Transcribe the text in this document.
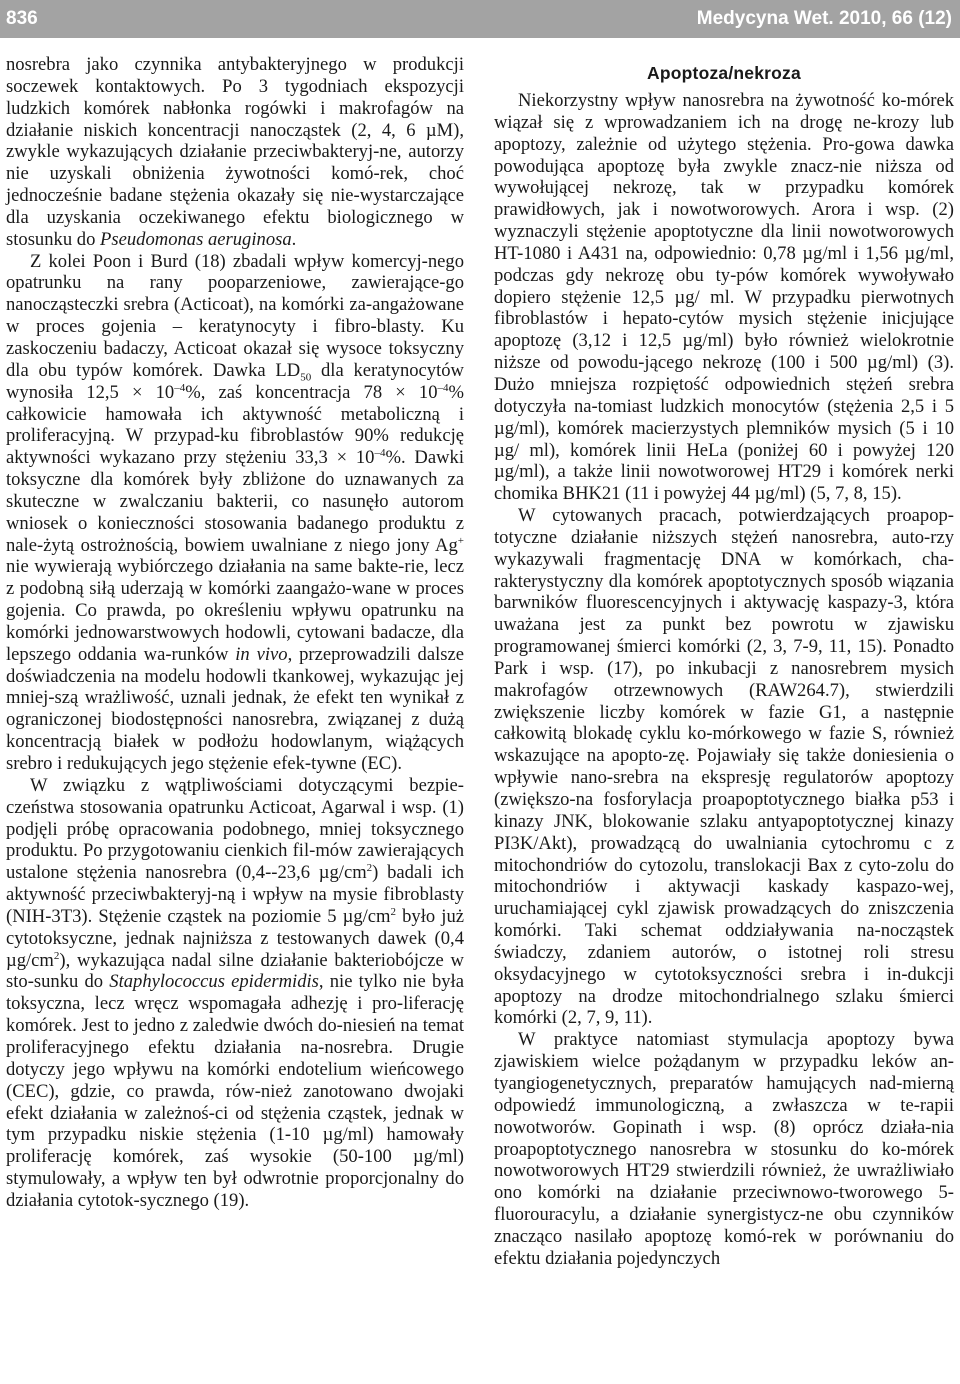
836	Medycyna Wet. 2010, 66 (12)

nosrebra jako czynnika antybakteryjnego w produkcji soczewek kontaktowych. Po 3 tygodniach ekspozycji ludzkich komórek nabłonka rogówki i makrofagów na działanie niskich koncentracji nanocząstek (2, 4, 6 µM), zwykle wykazujących działanie przeciwbakteryj-ne, autorzy nie uzyskali obniżenia żywotności komó-rek, choć jednocześnie badane stężenia okazały się nie-wystarczające dla uzyskania oczekiwanego efektu biologicznego w stosunku do Pseudomonas aeruginosa.

Z kolei Poon i Burd (18) zbadali wpływ komercyj-nego opatrunku na rany pooparzeniowe, zawierające-go nanocząsteczki srebra (Acticoat), na komórki za-angażowane w proces gojenia – keratynocyty i fibro-blasty. Ku zaskoczeniu badaczy, Acticoat okazał się wysoce toksyczny dla obu typów komórek. Dawka $LD_{50}$ dla keratynocytów wynosiła $12,5 \times 10^{-4}\%$, zaś koncentracja $78 \times 10^{-4}\%$ całkowicie hamowała ich aktywność metaboliczną i proliferacyjną. W przypad-ku fibroblastów 90% redukcję aktywności wykazano przy stężeniu $33,3 \times 10^{-4}\%$. Dawki toksyczne dla komórek były zbliżone do uznawanych za skuteczne w zwalczaniu bakterii, co nasunęło autorom wniosek o konieczności stosowania badanego produktu z nale-żytą ostrożnością, bowiem uwalniane z niego jony Ag+ nie wywierają wybiórczego działania na same bakte-rie, lecz z podobną siłą uderzają w komórki zaangażo-wane w proces gojenia. Co prawda, po określeniu wpływu opatrunku na komórki jednowarstwowych hodowli, cytowani badacze, dla lepszego oddania wa-runków in vivo, przeprowadzili dalsze doświadczenia na modelu hodowli tkankowej, wykazując jej mniej-szą wrażliwość, uznali jednak, że efekt ten wynikał z ograniczonej biodostępności nanosrebra, związanej z dużą koncentracją białek w podłożu hodowlanym, wiążących srebro i redukujących jego stężenie efek-tywne (EC).

W związku z wątpliwościami dotyczącymi bezpie-czeństwa stosowania opatrunku Acticoat, Agarwal i wsp. (1) podjęli próbę opracowania podobnego, mniej toksycznego produktu. Po przygotowaniu cienkich fil-mów zawierających ustalone stężenia nanosrebra (0,4--23,6 $\mu g/cm^2$) badali ich aktywność przeciwbakteryj-ną i wpływ na mysie fibroblasty (NIH-3T3). Stężenie cząstek na poziomie 5 $\mu g/cm^2$ było już cytotoksyczne, jednak najniższa z testowanych dawek (0,4 $\mu g/cm^2$), wykazująca nadal silne działanie bakteriobójcze w sto-sunku do Staphylococcus epidermidis, nie tylko nie była toksyczna, lecz wręcz wspomagała adhezję i pro-liferację komórek. Jest to jedno z zaledwie dwóch do-niesień na temat proliferacyjnego efektu działania na-nosrebra. Drugie dotyczy jego wpływu na komórki endotelium wieńcowego (CEC), gdzie, co prawda, rów-nież zanotowano dwojaki efekt działania w zależnoś-ci od stężenia cząstek, jednak w tym przypadku niskie stężenia (1-10 µg/ml) hamowały proliferację komórek, zaś wysokie (50-100 µg/ml) stymulowały, a wpływ ten był odwrotnie proporcjonalny do działania cytotok-sycznego (19).

Apoptoza/nekroza

Niekorzystny wpływ nanosrebra na żywotność ko-mórek wiązał się z wprowadzaniem ich na drogę ne-krozy lub apoptozy, zależnie od użytego stężenia. Pro-gowa dawka powodująca apoptozę była zwykle znacz-nie niższa od wywołującej nekrozę, tak w przypadku komórek prawidłowych, jak i nowotworowych. Arora i wsp. (2) wyznaczyli stężenie apoptotyczne dla linii nowotworowych HT-1080 i A431 na, odpowiednio: 0,78 µg/ml i 1,56 µg/ml, podczas gdy nekrozę obu ty-pów komórek wywoływało dopiero stężenie 12,5 µg/ ml. W przypadku pierwotnych fibroblastów i hepato-cytów mysich stężenie inicjujące apoptozę (3,12 i 12,5 µg/ml) było również wielokrotnie niższe od powodu-jącego nekrozę (100 i 500 µg/ml) (3). Dużo mniejsza rozpiętość odpowiednich stężeń srebra dotyczyła na-tomiast ludzkich monocytów (stężenia 2,5 i 5 µg/ml), komórek macierzystych plemników mysich (5 i 10 µg/ ml), komórek linii HeLa (poniżej 60 i powyżej 120 µg/ml), a także linii nowotworowej HT29 i komórek nerki chomika BHK21 (11 i powyżej 44 µg/ml) (5, 7, 8, 15).

W cytowanych pracach, potwierdzających proapop-totyczne działanie niższych stężeń nanosrebra, auto-rzy wykazywali fragmentację DNA w komórkach, cha-rakterystyczny dla komórek apoptotycznych sposób wiązania barwników fluorescencyjnych i aktywację kaspazy-3, która uważana jest za punkt bez powrotu w zjawisku programowanej śmierci komórki (2, 3, 7-9, 11, 15). Ponadto Park i wsp. (17), po inkubacji z nanosrebrem mysich makrofagów otrzewnowych (RAW264.7), stwierdzili zwiększenie liczby komórek w fazie G1, a następnie całkowitą blokadę cyklu ko-mórkowego w fazie S, również wskazujące na apopto-zę. Pojawiały się także doniesienia o wpływie nano-srebra na ekspresję regulatorów apoptozy (zwiększo-na fosforylacja proapoptotycznego białka p53 i kinazy JNK, blokowanie szlaku antyapoptotycznej kinazy PI3K/Akt), prowadzącą do uwalniania cytochromu c z mitochondriów do cytozolu, translokacji Bax z cyto-zolu do mitochondriów i aktywacji kaskady kaspazo-wej, uruchamiającej cykl zjawisk prowadzących do zniszczenia komórki. Taki schemat oddziaływania na-nocząstek świadczy, zdaniem autorów, o istotnej roli stresu oksydacyjnego w cytotoksyczności srebra i in-dukcji apoptozy na drodze mitochondrialnego szlaku śmierci komórki (2, 7, 9, 11).

W praktyce natomiast stymulacja apoptozy bywa zjawiskiem wielce pożądanym w przypadku leków an-tyangiogenetycznych, preparatów hamujących nad-mierną odpowiedź immunologiczną, a zwłaszcza w te-rapii nowotworów. Gopinath i wsp. (8) oprócz działa-nia proapoptotycznego nanosrebra w stosunku do ko-mórek nowotworowych HT29 stwierdzili również, że uwrażliwiało ono komórki na działanie przeciwnowo-tworowego 5-fluorouracylu, a działanie synergistycz-ne obu czynników znacząco nasilało apoptozę komó-rek w porównaniu do efektu działania pojedynczych
